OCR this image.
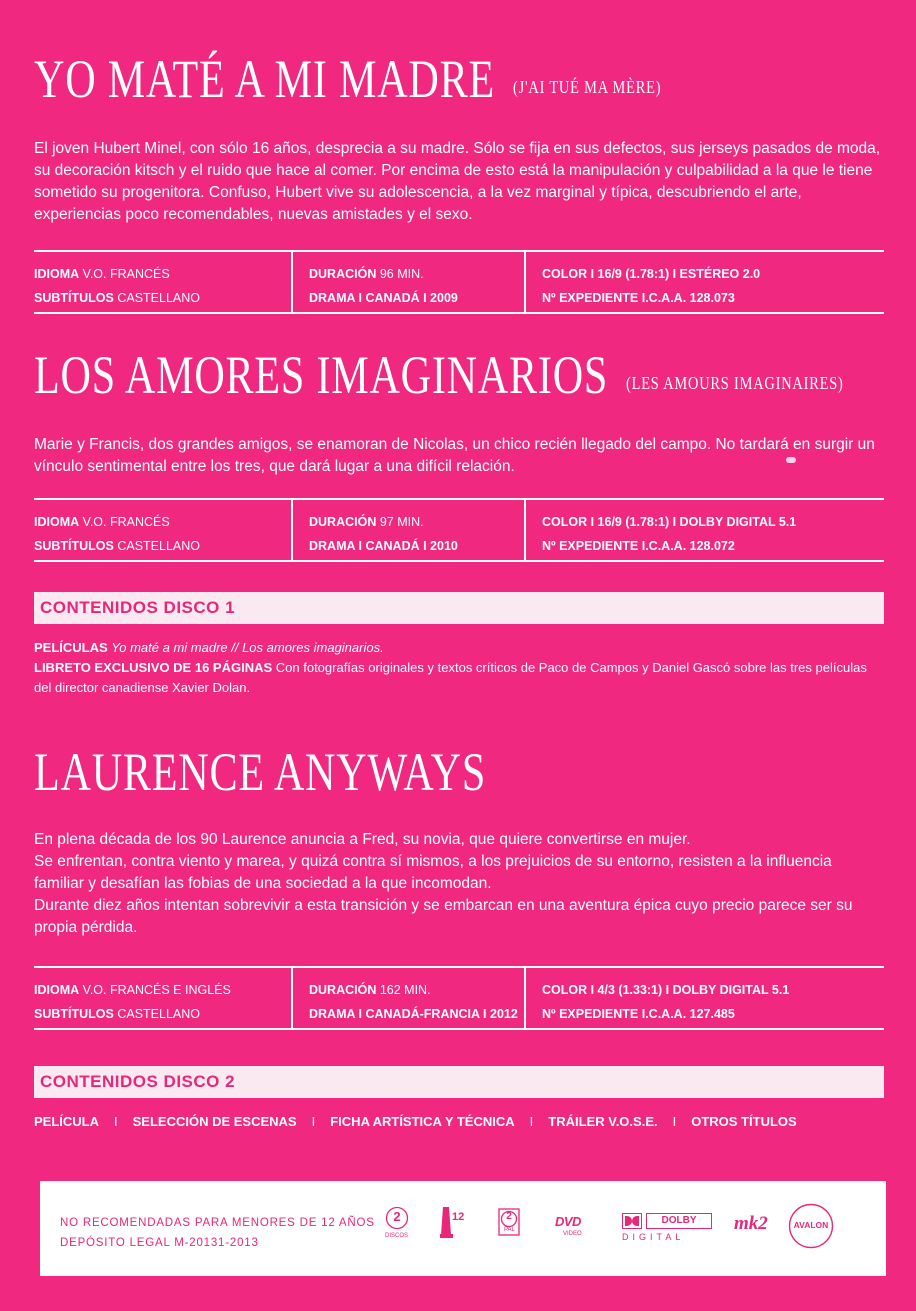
YO MATÉ A MI MADRE (J'AI TUÉ MA MÈRE)

El joven Hubert Minel, con sólo 16 años, desprecia a su madre. Sólo se fija en sus defectos, sus jerseys pasados de moda, su decoración kitsch y el ruido que hace al comer. Por encima de esto está la manipulación y culpabilidad a la que le tiene sometido su progenitora. Confuso, Hubert vive su adolescencia, a la vez marginal y típica, descubriendo el arte, experiencias poco recomendables, nuevas amistades y el sexo.

IDIOMA V.O. FRANCÉS
SUBTÍTULOS CASTELLANO
DURACIÓN 96 MIN.
DRAMA I CANADÁ I 2009
COLOR I 16/9 (1.78:1) I ESTÉREO 2.0
Nº EXPEDIENTE I.C.A.A. 128.073
LOS AMORES IMAGINARIOS (LES AMOURS IMAGINAIRES)

Marie y Francis, dos grandes amigos, se enamoran de Nicolas, un chico recién llegado del campo. No tardará en surgir un vínculo sentimental entre los tres, que dará lugar a una difícil relación.

IDIOMA V.O. FRANCÉS
SUBTÍTULOS CASTELLANO
DURACIÓN 97 MIN.
DRAMA I CANADÁ I 2010
COLOR I 16/9 (1.78:1) I DOLBY DIGITAL 5.1
Nº EXPEDIENTE I.C.A.A. 128.072
CONTENIDOS DISCO 1
PELÍCULAS Yo maté a mi madre // Los amores imaginarios.
LIBRETO EXCLUSIVO DE 16 PÁGINAS Con fotografías originales y textos críticos de Paco de Campos y Daniel Gascó sobre las tres películas del director canadiense Xavier Dolan.
LAURENCE ANYWAYS
En plena década de los 90 Laurence anuncia a Fred, su novia, que quiere convertirse en mujer.
Se enfrentan, contra viento y marea, y quizá contra sí mismos, a los prejuicios de su entorno, resisten a la influencia familiar y desafían las fobias de una sociedad a la que incomodan.
Durante diez años intentan sobrevivir a esta transición y se embarcan en una aventura épica cuyo precio parece ser su propia pérdida.
IDIOMA V.O. FRANCÉS E INGLÉS
SUBTÍTULOS CASTELLANO
DURACIÓN 162 MIN.
DRAMA I CANADÁ-FRANCIA I 2012
COLOR I 4/3 (1.33:1) I DOLBY DIGITAL 5.1
Nº EXPEDIENTE I.C.A.A. 127.485
CONTENIDOS DISCO 2
PELÍCULA I SELECCIÓN DE ESCENAS I FICHA ARTÍSTICA Y TÉCNICA I TRÁILER V.O.S.E. I OTROS TÍTULOS
NO RECOMENDADAS PARA MENORES DE 12 AÑOS
DEPÓSITO LEGAL M-20131-2013
2
DISCOS
12	2
PAL
DVD
VIDEO
DOLBY
DIGITAL
mk2	AVALON
